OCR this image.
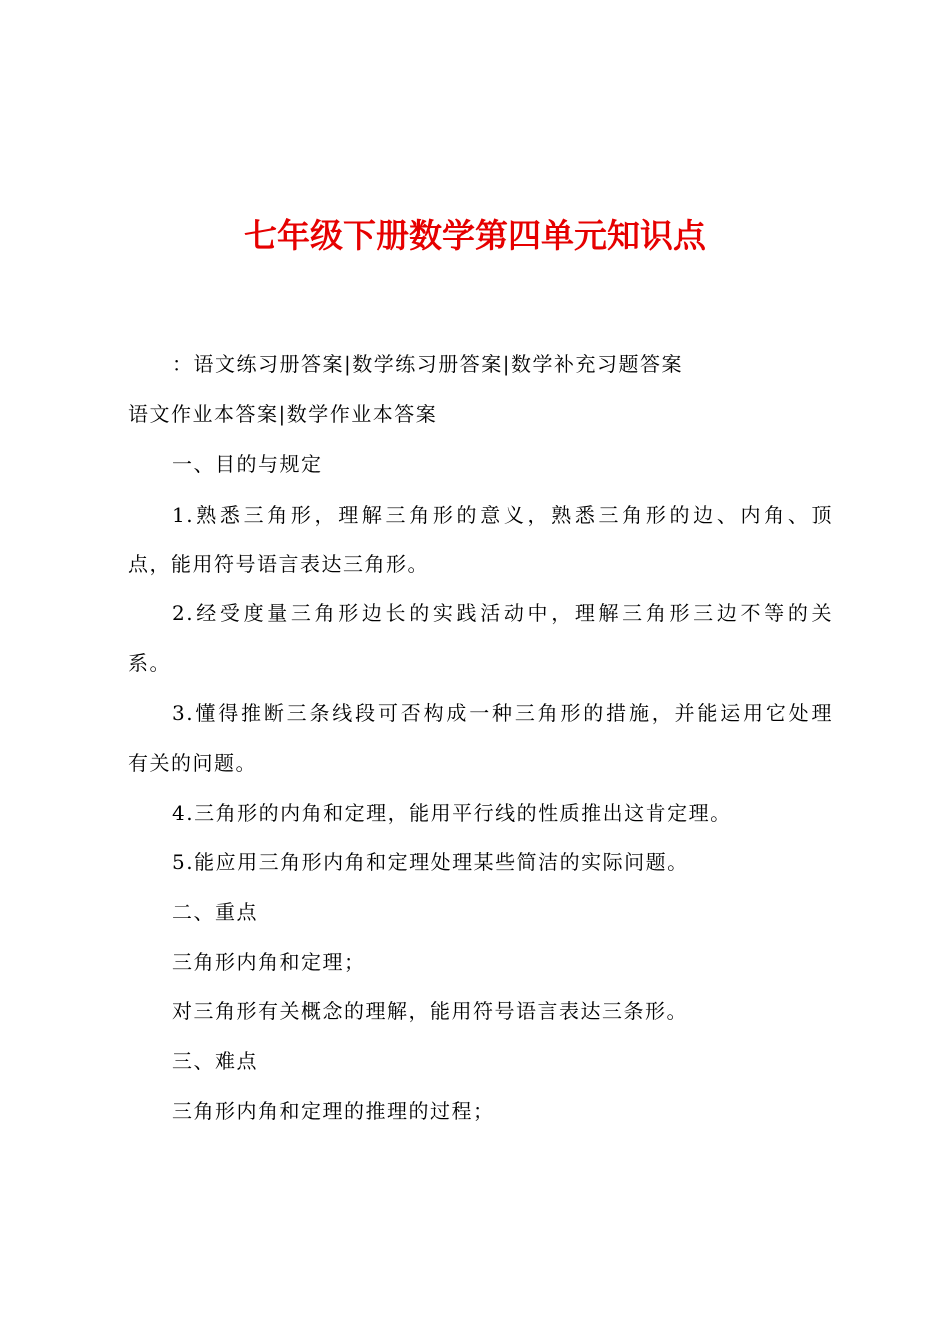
七年级下册数学第四单元知识点
：语文练习册答案|数学练习册答案|数学补充习题答案
语文作业本答案|数学作业本答案
一、目的与规定
1.熟悉三角形，理解三角形的意义，熟悉三角形的边、内角、顶
点，能用符号语言表达三角形。
2.经受度量三角形边长的实践活动中，理解三角形三边不等的关
系。
3.懂得推断三条线段可否构成一种三角形的措施，并能运用它处理
有关的问题。
4.三角形的内角和定理，能用平行线的性质推出这肯定理。
5.能应用三角形内角和定理处理某些简洁的实际问题。
二、重点
三角形内角和定理；
对三角形有关概念的理解，能用符号语言表达三条形。
三、难点
三角形内角和定理的推理的过程；
